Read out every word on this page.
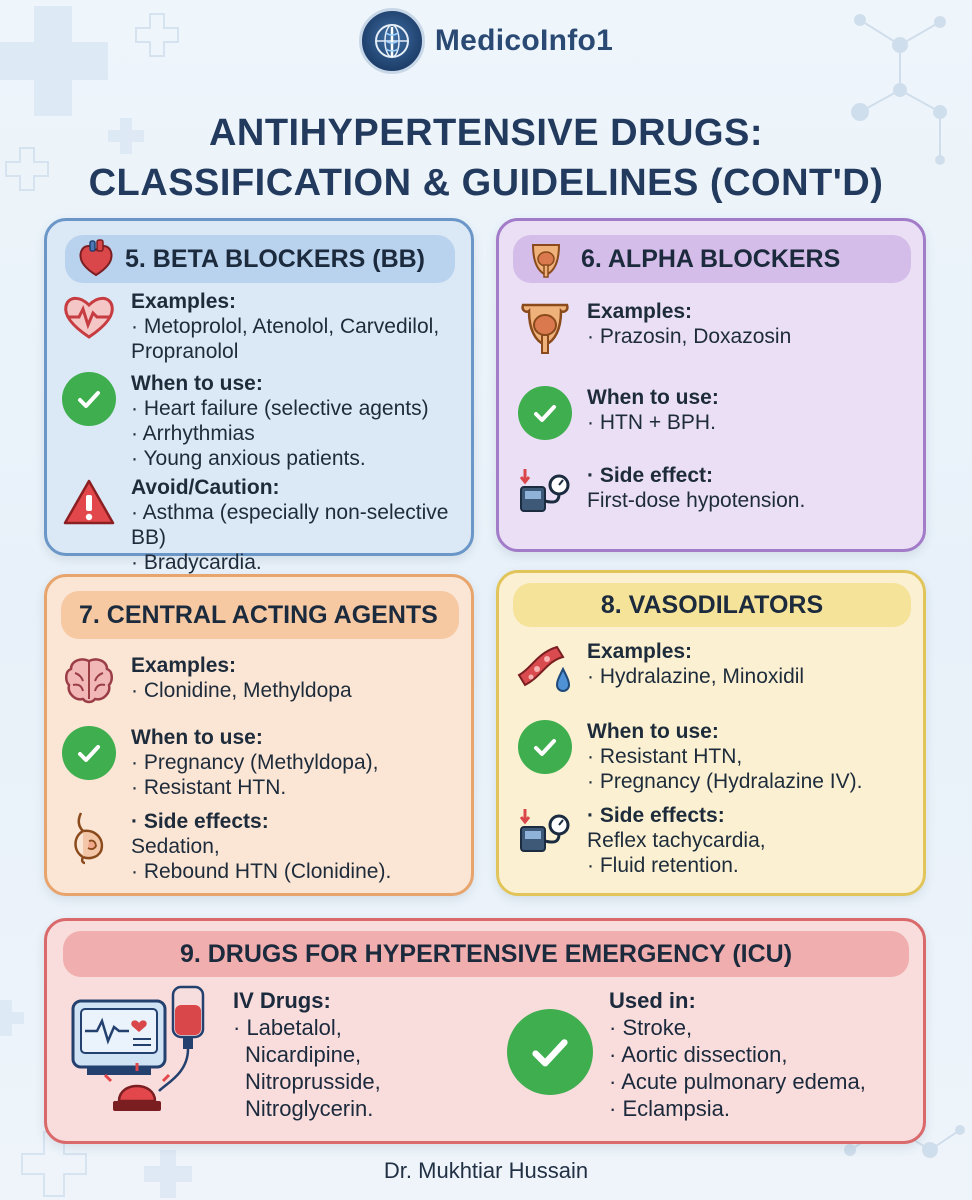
MedicoInfo1
ANTIHYPERTENSIVE DRUGS:
CLASSIFICATION & GUIDELINES (CONT'D)
5. BETA BLOCKERS (BB)
Examples:
· Metoprolol, Atenolol, Carvedilol,
Propranolol
When to use:
· Heart failure (selective agents)
· Arrhythmias
· Young anxious patients.
Avoid/Caution:
· Asthma (especially non-selective BB)
· Bradycardia.
6. ALPHA BLOCKERS
Examples:
· Prazosin, Doxazosin
When to use:
· HTN + BPH.
· Side effect:
First-dose hypotension.
7. CENTRAL ACTING AGENTS
Examples:
· Clonidine, Methyldopa
When to use:
· Pregnancy (Methyldopa),
· Resistant HTN.
· Side effects:
Sedation,
· Rebound HTN (Clonidine).
8. VASODILATORS
Examples:
· Hydralazine, Minoxidil
When to use:
· Resistant HTN,
· Pregnancy (Hydralazine IV).
· Side effects:
Reflex tachycardia,
· Fluid retention.
9. DRUGS FOR HYPERTENSIVE EMERGENCY (ICU)
IV Drugs:
· Labetalol,
Nicardipine,
Nitroprusside,
Nitroglycerin.
Used in:
· Stroke,
· Aortic dissection,
· Acute pulmonary edema,
· Eclampsia.
Dr. Mukhtiar Hussain
